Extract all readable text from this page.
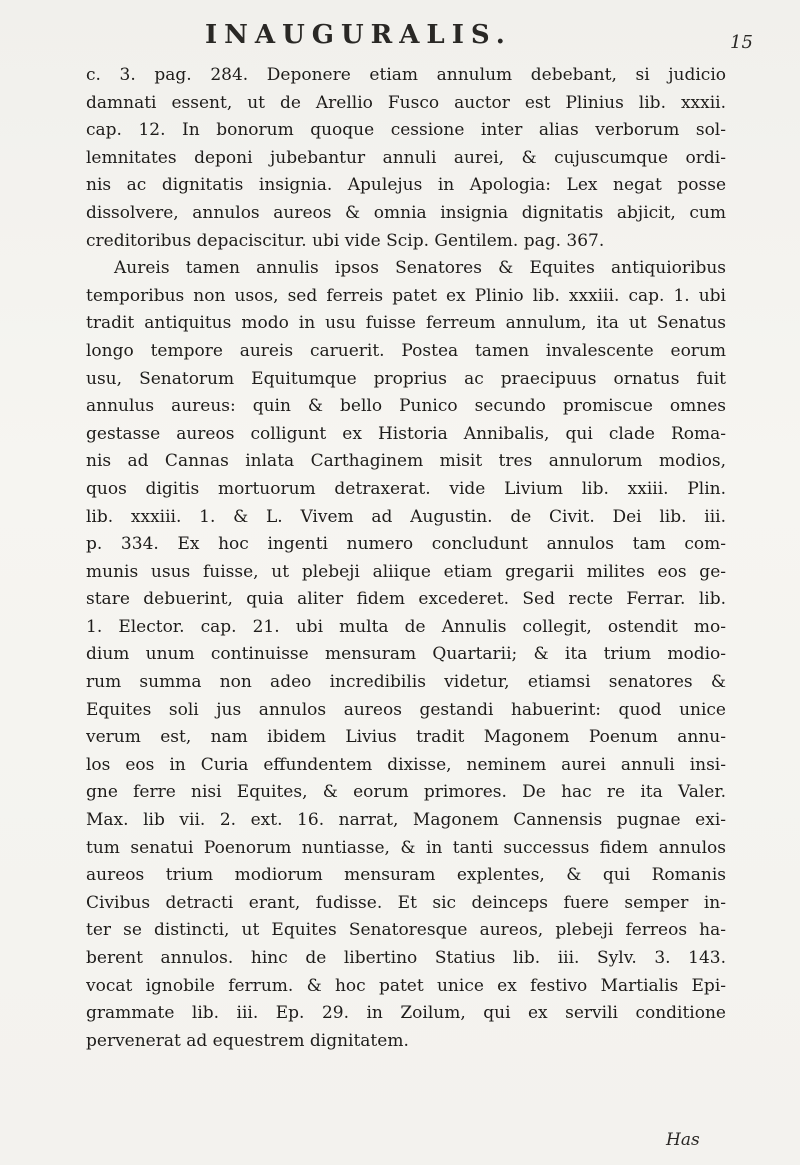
INAUGURALIS.	15
c. 3. pag. 284. Deponere etiam annulum debebant, si judicio
damnati essent, ut de Arellio Fusco auctor est Plinius lib. xxxii.
cap. 12. In bonorum quoque cessione inter alias verborum sol-
lemnitates deponi jubebantur annuli aurei, & cujuscumque ordi-
nis ac dignitatis insignia. Apulejus in Apologia: Lex negat posse
dissolvere, annulos aureos & omnia insignia dignitatis abjicit, cum
creditoribus depaciscitur. ubi vide Scip. Gentilem. pag. 367.
Aureis tamen annulis ipsos Senatores & Equites antiquioribus
temporibus non usos, sed ferreis patet ex Plinio lib. xxxiii. cap. 1. ubi
tradit antiquitus modo in usu fuisse ferreum annulum, ita ut Senatus
longo tempore aureis caruerit. Postea tamen invalescente eorum
usu, Senatorum Equitumque proprius ac praecipuus ornatus fuit
annulus aureus: quin & bello Punico secundo promiscue omnes
gestasse aureos colligunt ex Historia Annibalis, qui clade Roma-
nis ad Cannas inlata Carthaginem misit tres annulorum modios,
quos digitis mortuorum detraxerat. vide Livium lib. xxiii. Plin.
lib. xxxiii. 1. & L. Vivem ad Augustin. de Civit. Dei lib. iii.
p. 334. Ex hoc ingenti numero concludunt annulos tam com-
munis usus fuisse, ut plebeji aliique etiam gregarii milites eos ge-
stare debuerint, quia aliter fidem excederet. Sed recte Ferrar. lib.
1. Elector. cap. 21. ubi multa de Annulis collegit, ostendit mo-
dium unum continuisse mensuram Quartarii; & ita trium modio-
rum summa non adeo incredibilis videtur, etiamsi senatores &
Equites soli jus annulos aureos gestandi habuerint: quod unice
verum est, nam ibidem Livius tradit Magonem Poenum annu-
los eos in Curia effundentem dixisse, neminem aurei annuli insi-
gne ferre nisi Equites, & eorum primores. De hac re ita Valer.
Max. lib vii. 2. ext. 16. narrat, Magonem Cannensis pugnae exi-
tum senatui Poenorum nuntiasse, & in tanti successus fidem annulos
aureos trium modiorum mensuram explentes, & qui Romanis
Civibus detracti erant, fudisse. Et sic deinceps fuere semper in-
ter se distincti, ut Equites Senatoresque aureos, plebeji ferreos ha-
berent annulos. hinc de libertino Statius lib. iii. Sylv. 3. 143.
vocat ignobile ferrum. & hoc patet unice ex festivo Martialis Epi-
grammate lib. iii. Ep. 29. in Zoilum, qui ex servili conditione
pervenerat ad equestrem dignitatem.
Has
